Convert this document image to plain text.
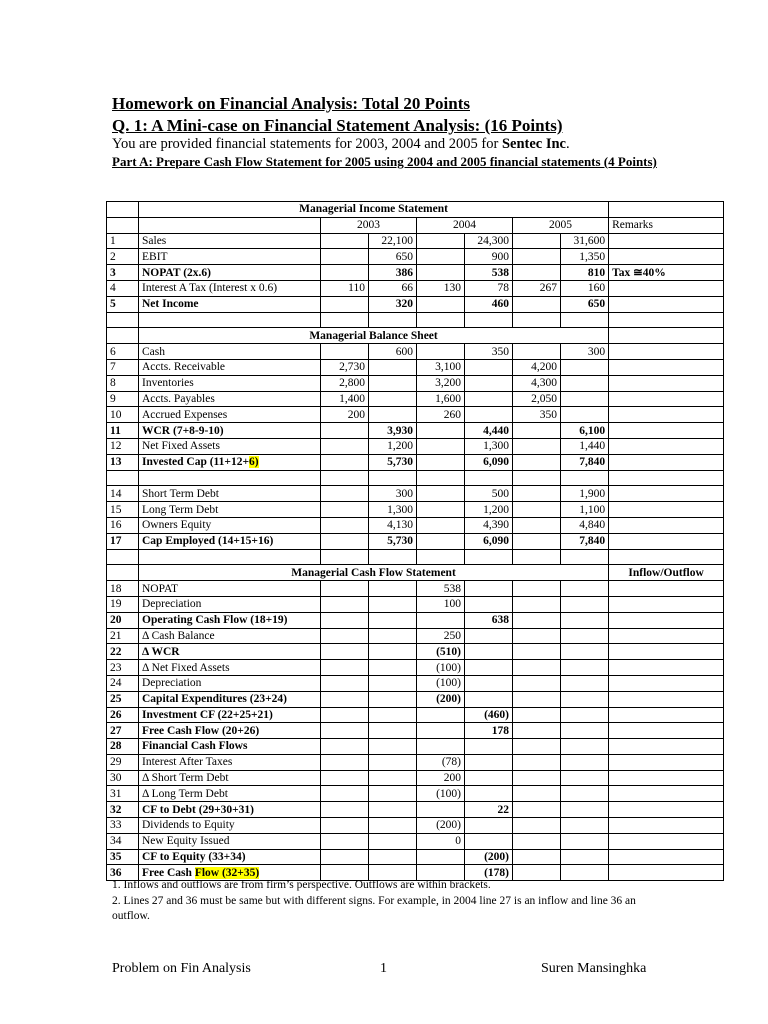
Homework on Financial Analysis: Total 20 Points
Q. 1: A Mini-case on Financial Statement Analysis: (16 Points)
You are provided financial statements for 2003, 2004 and 2005 for Sentec Inc.
Part A: Prepare Cash Flow Statement for 2005 using 2004 and 2005 financial statements (4 Points)
	Managerial Income Statement							
		2003		2004		2005		Remarks
1	Sales		22,100		24,300		31,600	
2	EBIT		650		900		1,350	
3	NOPAT (2x.6)		386		538		810	Tax ≅40%
4	Interest A Tax (Interest x 0.6)	110	66	130	78	267	160	
5	Net Income		320		460		650	

	Managerial Balance Sheet							
6	Cash		600		350		300	
7	Accts. Receivable	2,730		3,100		4,200		
8	Inventories	2,800		3,200		4,300		
9	Accts. Payables	1,400		1,600		2,050		
10	Accrued Expenses	200		260		350		
11	WCR (7+8-9-10)		3,930		4,440		6,100	
12	Net Fixed Assets		1,200		1,300		1,440	
13	Invested Cap (11+12+6)		5,730		6,090		7,840	

14	Short Term Debt		300		500		1,900	
15	Long Term Debt		1,300		1,200		1,100	
16	Owners Equity		4,130		4,390		4,840	
17	Cap Employed (14+15+16)		5,730		6,090		7,840	

	Managerial Cash Flow Statement							Inflow/Outflow
18	NOPAT			538				
19	Depreciation			100				
20	Operating Cash Flow (18+19)				638			
21	Δ Cash Balance			250				
22	Δ WCR			(510)				
23	Δ Net Fixed Assets			(100)				
24	Depreciation			(100)				
25	Capital Expenditures (23+24)			(200)				
26	Investment CF (22+25+21)				(460)			
27	Free Cash Flow (20+26)				178			
28	Financial Cash Flows							
29	Interest After Taxes			(78)				
30	Δ Short Term Debt			200				
31	Δ Long Term Debt			(100)				
32	CF to Debt (29+30+31)				22			
33	Dividends to Equity			(200)				
34	New Equity Issued			0				
35	CF to Equity (33+34)				(200)			
36	Free Cash Flow (32+35)				(178)			
1. Inflows and outflows are from firm’s perspective. Outflows are within brackets.
2. Lines 27 and 36 must be same but with different signs. For example, in 2004 line 27 is an inflow and line 36 an outflow.
Problem on Fin Analysis	1	Suren Mansinghka
